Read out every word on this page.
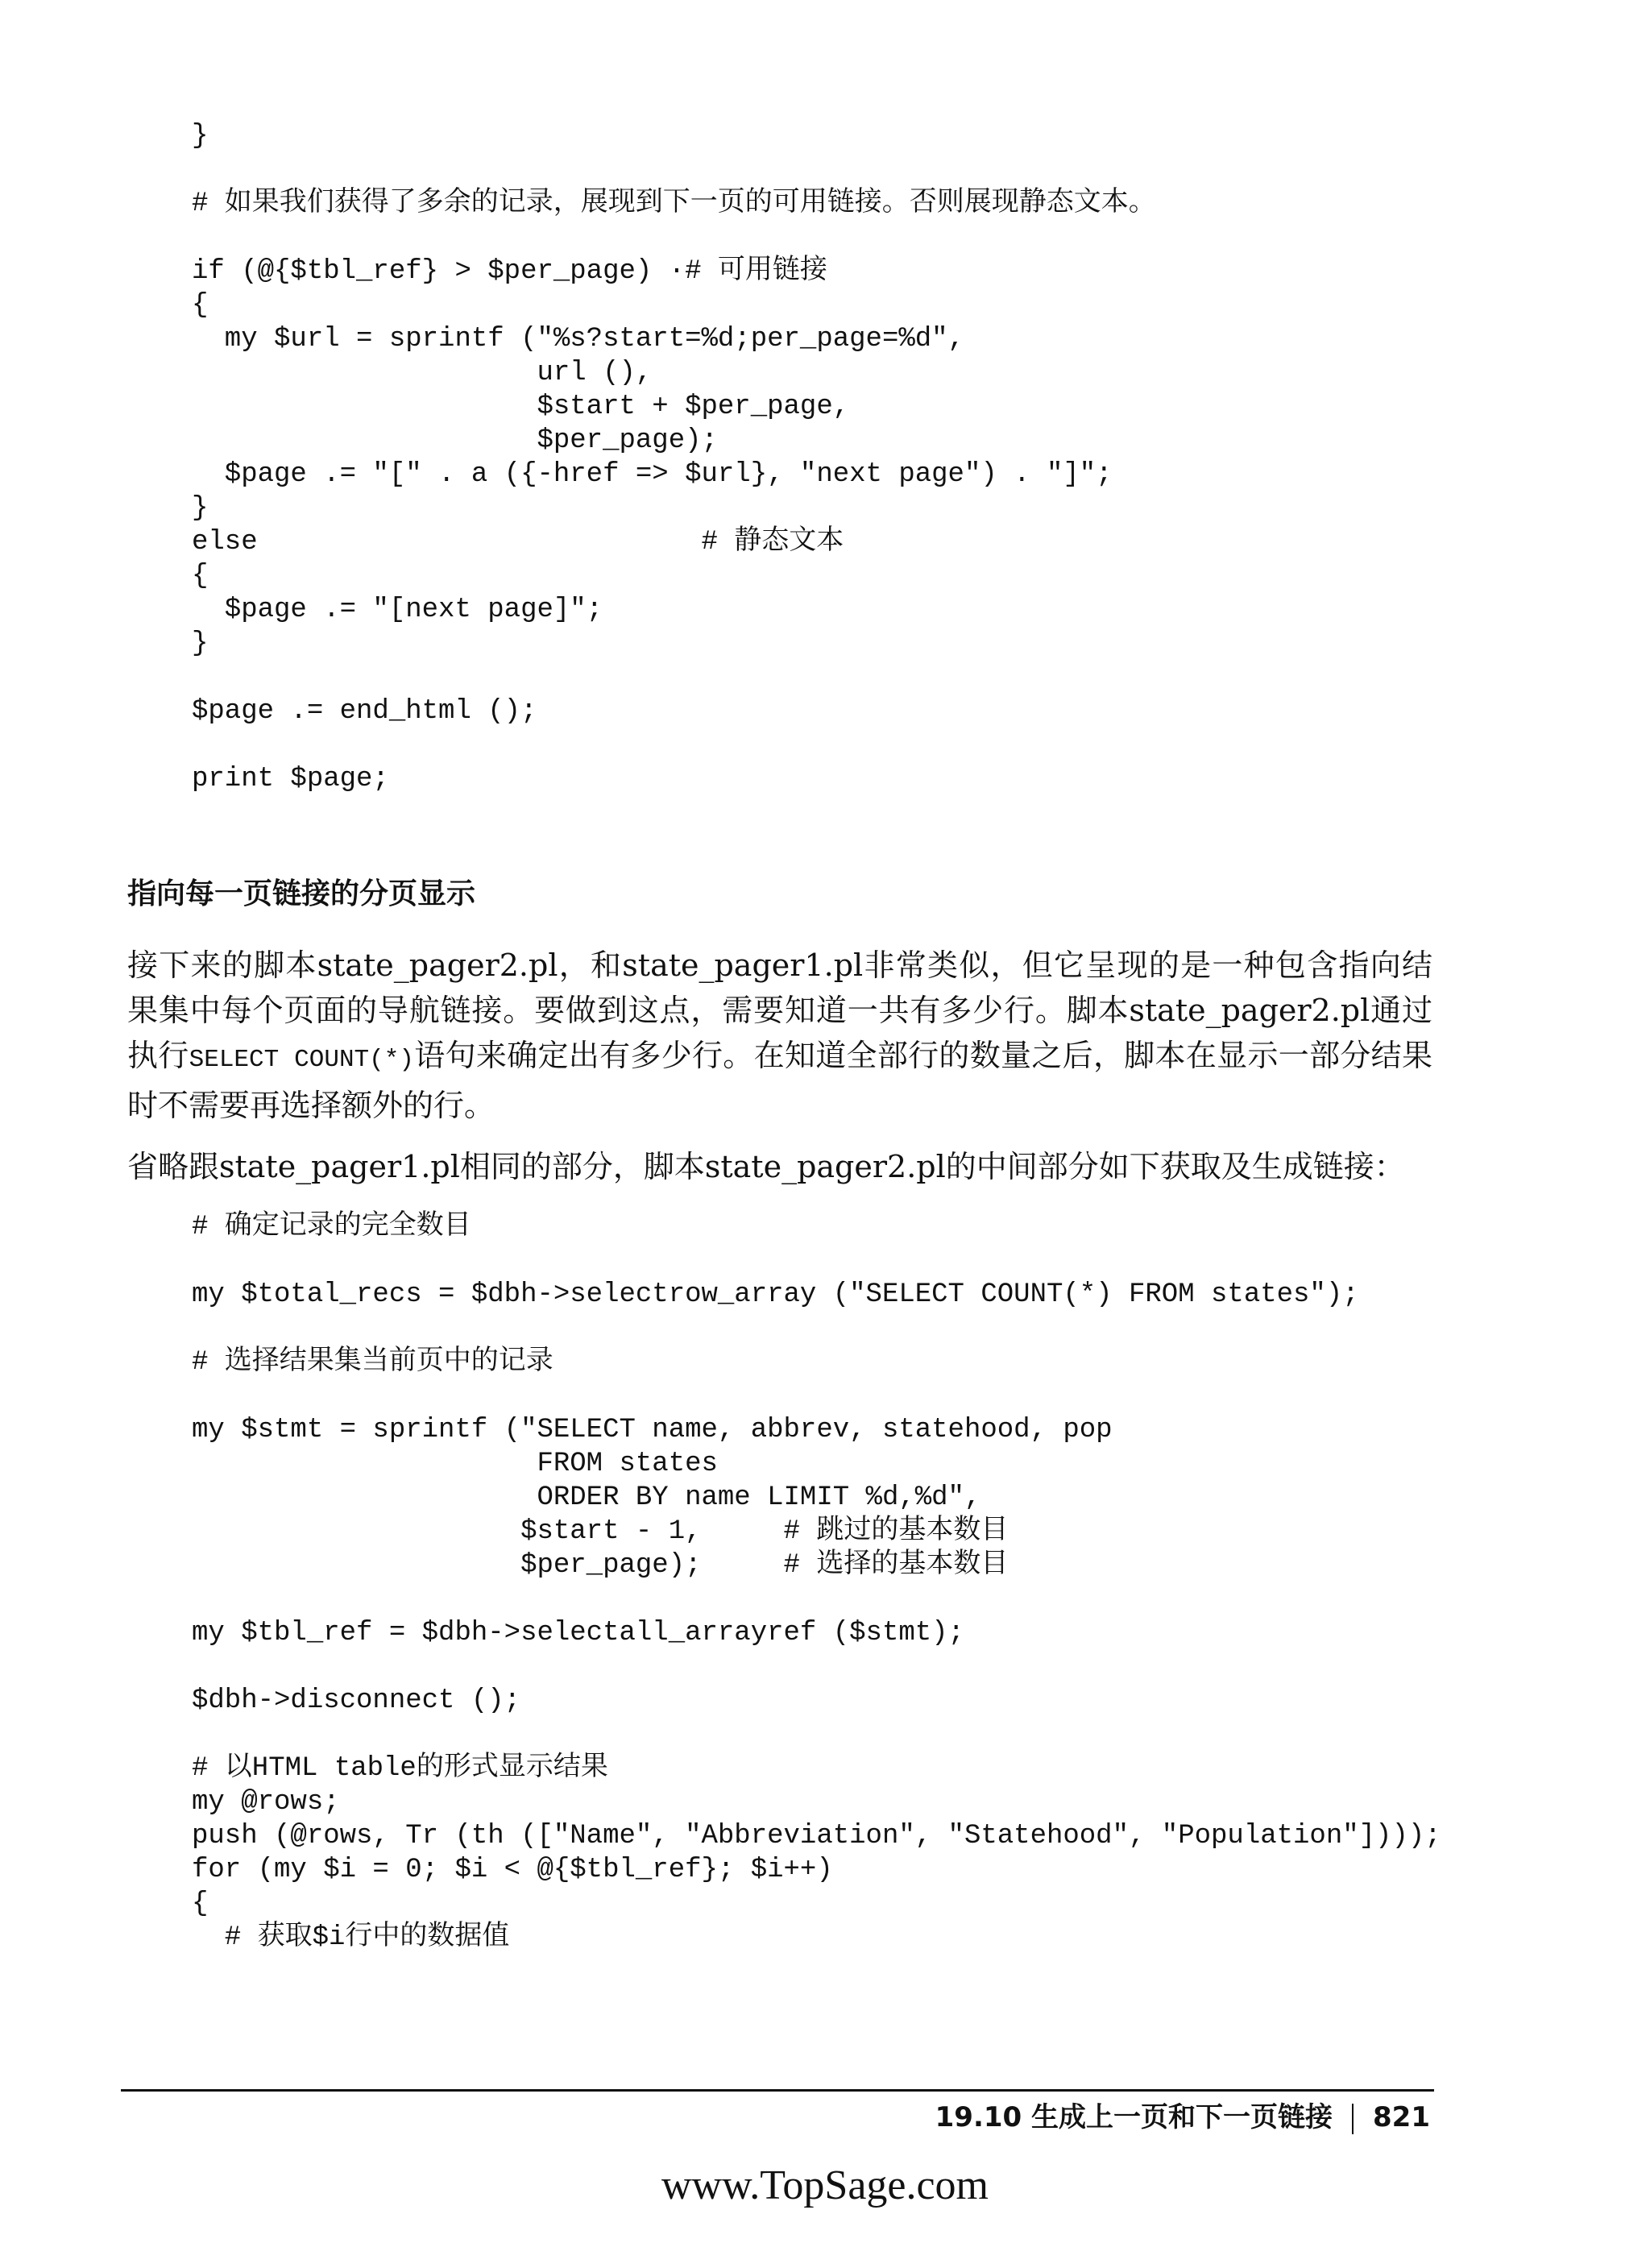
}

# 如果我们获得了多余的记录，展现到下一页的可用链接。否则展现静态文本。

if (@{$tbl_ref} > $per_page) ·# 可用链接
{
my $url = sprintf ("%s?start=%d;per_page=%d",
url (),
$start + $per_page,
$per_page);
$page .= "[" . a ({-href => $url}, "next page") . "]";
}
else                           # 静态文本
{
$page .= "[next page]";
}

$page .= end_html ();

print $page;
指向每一页链接的分页显示

接下来的脚本state_pager2.pl，和state_pager1.pl非常类似，但它呈现的是一种包含指向结果集中每个页面的导航链接。要做到这点，需要知道一共有多少行。脚本state_pager2.pl通过执行SELECT COUNT(*)语句来确定出有多少行。在知道全部行的数量之后，脚本在显示一部分结果时不需要再选择额外的行。

省略跟state_pager1.pl相同的部分，脚本state_pager2.pl的中间部分如下获取及生成链接：

# 确定记录的完全数目

my $total_recs = $dbh->selectrow_array ("SELECT COUNT(*) FROM states");

# 选择结果集当前页中的记录

my $stmt = sprintf ("SELECT name, abbrev, statehood, pop
FROM states
ORDER BY name LIMIT %d,%d",
$start - 1,     # 跳过的基本数目
$per_page);     # 选择的基本数目

my $tbl_ref = $dbh->selectall_arrayref ($stmt);

$dbh->disconnect ();

# 以HTML table的形式显示结果
my @rows;
push (@rows, Tr (th (["Name", "Abbreviation", "Statehood", "Population"])));
for (my $i = 0; $i < @{$tbl_ref}; $i++)
{
# 获取$i行中的数据值
19.10 生成上一页和下一页链接 821
www.TopSage.com
